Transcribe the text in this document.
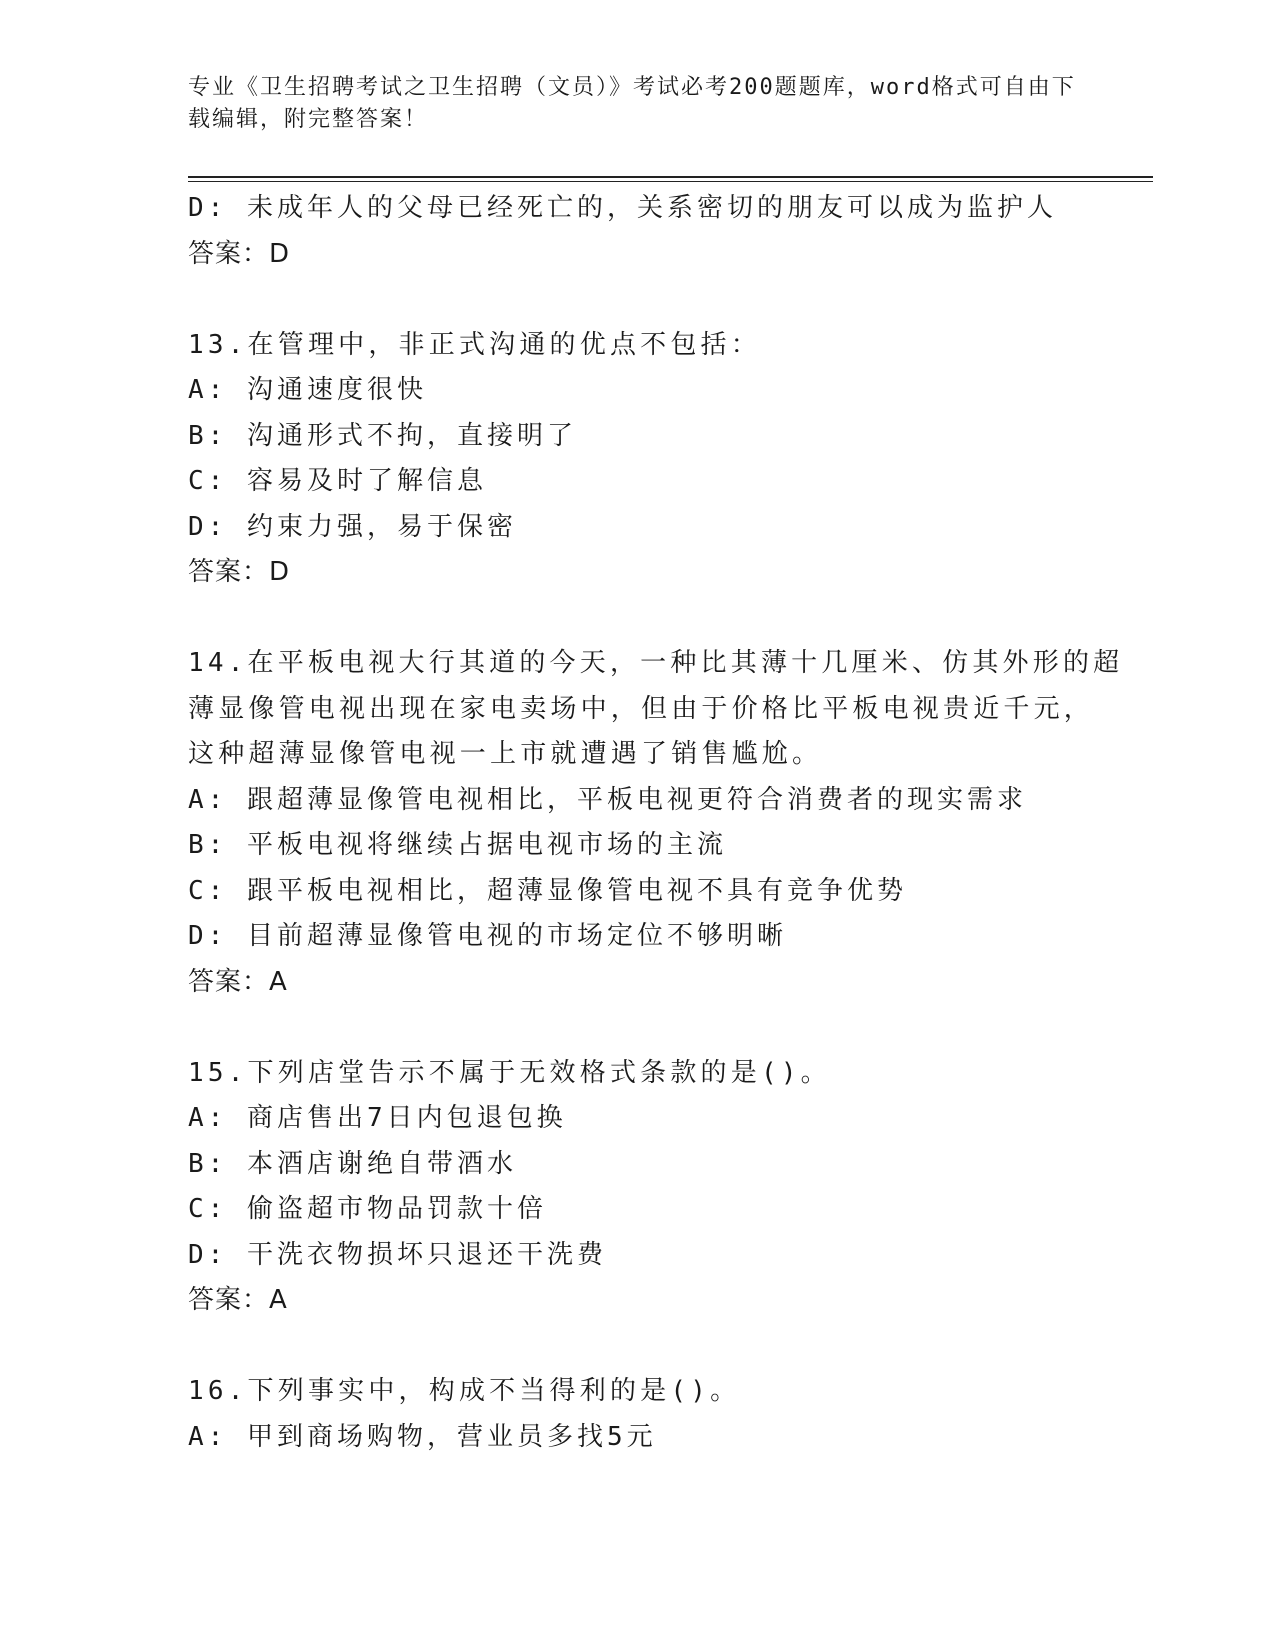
专业《卫生招聘考试之卫生招聘（文员）》考试必考200题题库，word格式可自由下载编辑，附完整答案！
D: 未成年人的父母已经死亡的，关系密切的朋友可以成为监护人
答案：D
13.在管理中，非正式沟通的优点不包括：
A: 沟通速度很快
B: 沟通形式不拘，直接明了
C: 容易及时了解信息
D: 约束力强，易于保密
答案：D
14.在平板电视大行其道的今天，一种比其薄十几厘米、仿其外形的超
薄显像管电视出现在家电卖场中，但由于价格比平板电视贵近千元，
这种超薄显像管电视一上市就遭遇了销售尴尬。
A: 跟超薄显像管电视相比，平板电视更符合消费者的现实需求
B: 平板电视将继续占据电视市场的主流
C: 跟平板电视相比，超薄显像管电视不具有竞争优势
D: 目前超薄显像管电视的市场定位不够明晰
答案：A
15.下列店堂告示不属于无效格式条款的是()。
A: 商店售出7日内包退包换
B: 本酒店谢绝自带酒水
C: 偷盗超市物品罚款十倍
D: 干洗衣物损坏只退还干洗费
答案：A
16.下列事实中，构成不当得利的是()。
A: 甲到商场购物，营业员多找5元
